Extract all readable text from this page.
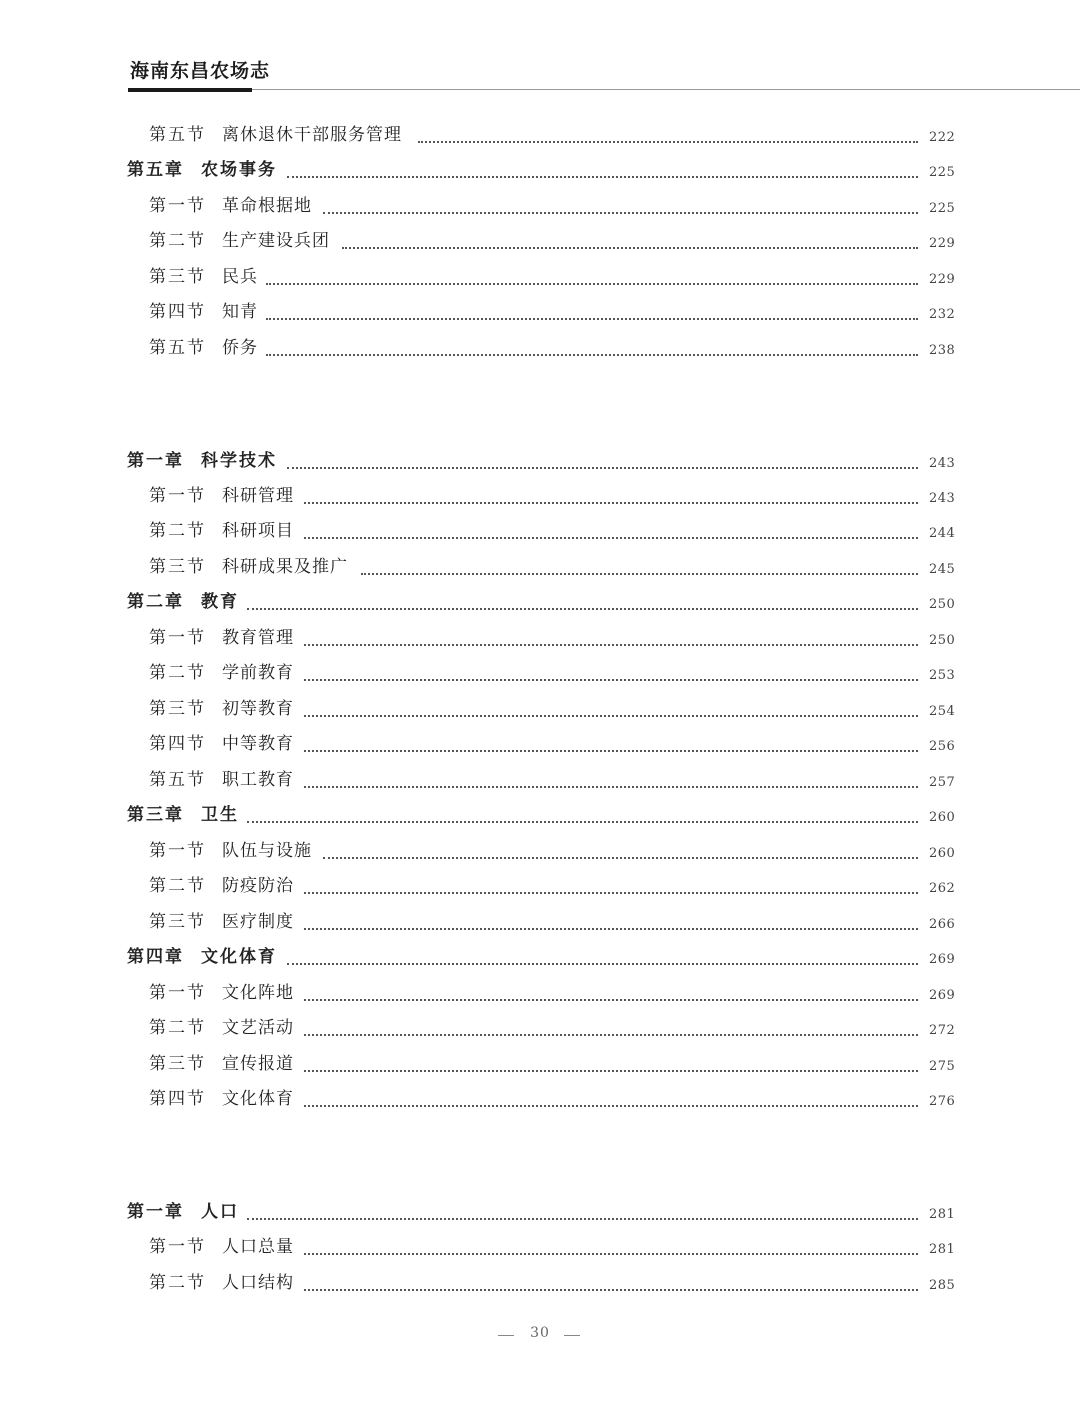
海南东昌农场志
第五节 离休退休干部服务管理	222
第五章 农场事务	225
第一节 革命根据地	225
第二节 生产建设兵团	229
第三节 民兵	229
第四节 知青	232
第五节 侨务	238
第一章 科学技术	243
第一节 科研管理	243
第二节 科研项目	244
第三节 科研成果及推广	245
第二章 教育	250
第一节 教育管理	250
第二节 学前教育	253
第三节 初等教育	254
第四节 中等教育	256
第五节 职工教育	257
第三章 卫生	260
第一节 队伍与设施	260
第二节 防疫防治	262
第三节 医疗制度	266
第四章 文化体育	269
第一节 文化阵地	269
第二节 文艺活动	272
第三节 宣传报道	275
第四节 文化体育	276
第一章 人口	281
第一节 人口总量	281
第二节 人口结构	285
30
